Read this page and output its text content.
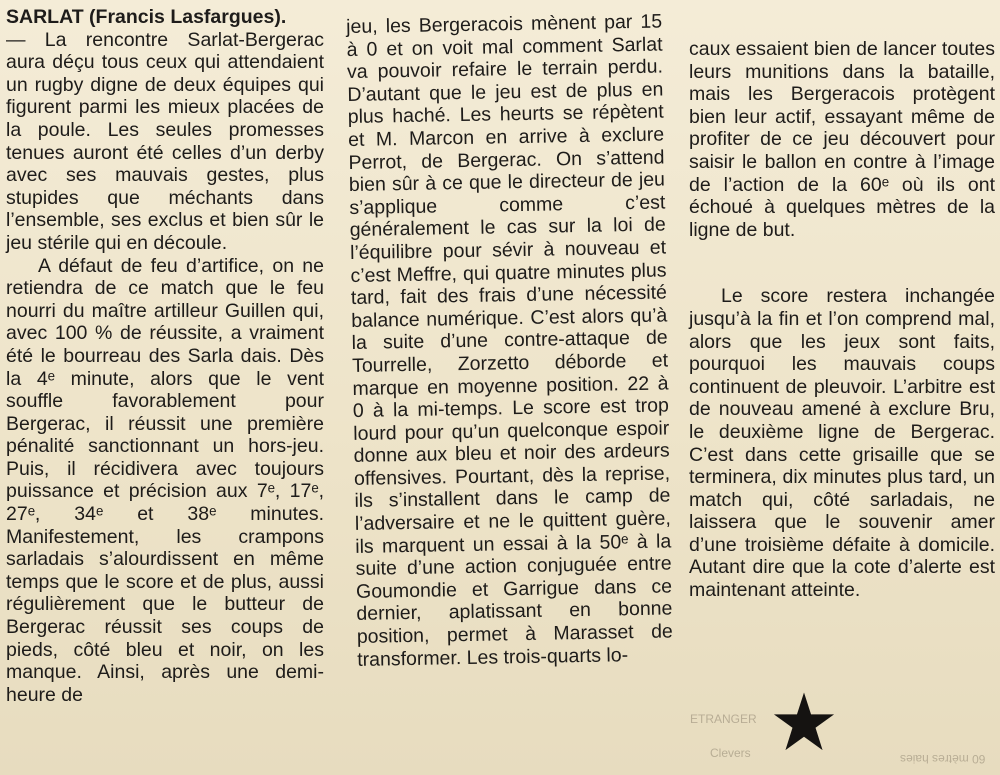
SARLAT (Francis Lasfargues).
— La rencontre Sarlat-Bergerac aura déçu tous ceux qui attendaient un rugby digne de deux équipes qui figurent parmi les mieux placées de la poule. Les seules promesses tenues auront été celles d’un derby avec ses mauvais gestes, plus stupides que méchants dans l’ensemble, ses exclus et bien sûr le jeu stérile qui en découle.

A défaut de feu d’artifice, on ne retiendra de ce match que le feu nourri du maître artilleur Guillen qui, avec 100 % de réussite, a vraiment été le bourreau des Sarla dais. Dès la 4ᵉ minute, alors que le vent souffle favorablement pour Bergerac, il réussit une première pénalité sanctionnant un hors-jeu. Puis, il récidivera avec toujours puissance et précision aux 7ᵉ, 17ᵉ, 27ᵉ, 34ᵉ et 38ᵉ minutes. Manifestement, les crampons sarladais s’alourdissent en même temps que le score et de plus, aussi régulièrement que le butteur de Bergerac réussit ses coups de pieds, côté bleu et noir, on les manque. Ainsi, après une demi-heure de

jeu, les Bergeracois mènent par 15 à 0 et on voit mal comment Sarlat va pouvoir refaire le terrain perdu. D’autant que le jeu est de plus en plus haché. Les heurts se répètent et M. Marcon en arrive à exclure Perrot, de Bergerac. On s’attend bien sûr à ce que le directeur de jeu s’applique comme c’est généralement le cas sur la loi de l’équilibre pour sévir à nouveau et c’est Meffre, qui quatre minutes plus tard, fait des frais d’une nécessité balance numérique. C’est alors qu’à la suite d’une contre-attaque de Tourrelle, Zorzetto déborde et marque en moyenne position. 22 à 0 à la mi-temps. Le score est trop lourd pour qu’un quelconque espoir donne aux bleu et noir des ardeurs offensives. Pourtant, dès la reprise, ils s’installent dans le camp de l’adversaire et ne le quittent guère, ils marquent un essai à la 50ᵉ à la suite d’une action conjuguée entre Goumondie et Garrigue dans ce dernier, aplatissant en bonne position, permet à Marasset de transformer. Les trois-quarts lo-

caux essaient bien de lancer toutes leurs munitions dans la bataille, mais les Bergeracois protègent bien leur actif, essayant même de profiter de ce jeu découvert pour saisir le ballon en contre à l’image de l’action de la 60ᵉ où ils ont échoué à quelques mètres de la ligne de but.

Le score restera inchangée jusqu’à la fin et l’on comprend mal, alors que les jeux sont faits, pourquoi les mauvais coups continuent de pleuvoir. L’arbitre est de nouveau amené à exclure Bru, le deuxième ligne de Bergerac. C’est dans cette grisaille que se terminera, dix minutes plus tard, un match qui, côté sarladais, ne laissera que le souvenir amer d’une troisième défaite à domicile. Autant dire que la cote d’alerte est maintenant atteinte.

ETRANGER
Clevers	60 mètres haies
